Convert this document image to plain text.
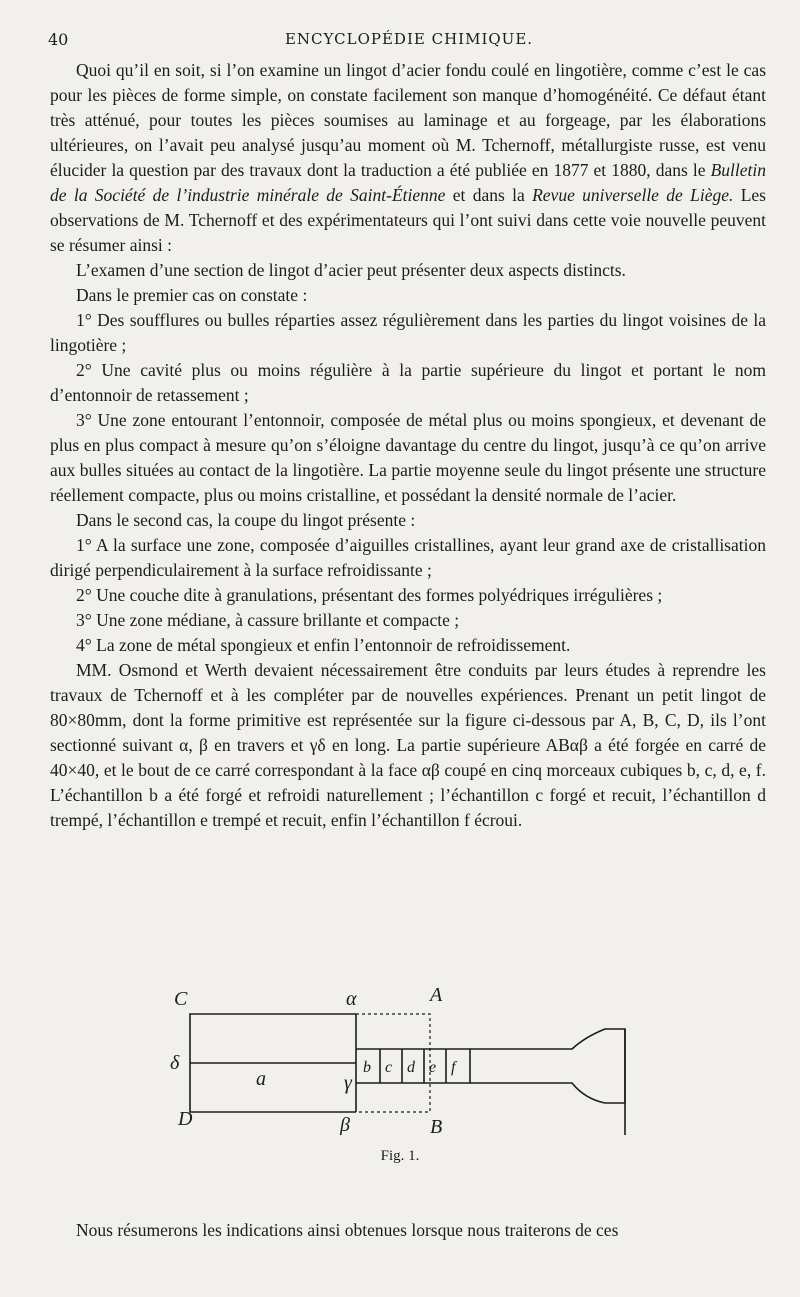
40	ENCYCLOPÉDIE CHIMIQUE.

Quoi qu’il en soit, si l’on examine un lingot d’acier fondu coulé en lingotière, comme c’est le cas pour les pièces de forme simple, on constate facilement son manque d’homogénéité. Ce défaut étant très atténué, pour toutes les pièces soumises au laminage et au forgeage, par les élaborations ultérieures, on l’avait peu analysé jusqu’au moment où M. Tchernoff, métallurgiste russe, est venu élucider la question par des travaux dont la traduction a été publiée en 1877 et 1880, dans le Bulletin de la Société de l’industrie minérale de Saint-Étienne et dans la Revue universelle de Liège. Les observations de M. Tchernoff et des expérimentateurs qui l’ont suivi dans cette voie nouvelle peuvent se résumer ainsi :

L’examen d’une section de lingot d’acier peut présenter deux aspects distincts.

Dans le premier cas on constate :

1° Des soufflures ou bulles réparties assez régulièrement dans les parties du lingot voisines de la lingotière ;

2° Une cavité plus ou moins régulière à la partie supérieure du lingot et portant le nom d’entonnoir de retassement ;

3° Une zone entourant l’entonnoir, composée de métal plus ou moins spongieux, et devenant de plus en plus compact à mesure qu’on s’éloigne davantage du centre du lingot, jusqu’à ce qu’on arrive aux bulles situées au contact de la lingotière. La partie moyenne seule du lingot présente une structure réellement compacte, plus ou moins cristalline, et possédant la densité normale de l’acier.

Dans le second cas, la coupe du lingot présente :

1° A la surface une zone, composée d’aiguilles cristallines, ayant leur grand axe de cristallisation dirigé perpendiculairement à la surface refroidissante ;

2° Une couche dite à granulations, présentant des formes polyédriques irrégulières ;

3° Une zone médiane, à cassure brillante et compacte ;

4° La zone de métal spongieux et enfin l’entonnoir de refroidissement.

MM. Osmond et Werth devaient nécessairement être conduits par leurs études à reprendre les travaux de Tchernoff et à les compléter par de nouvelles expériences. Prenant un petit lingot de 80×80mm, dont la forme primitive est représentée sur la figure ci-dessous par A, B, C, D, ils l’ont sectionné suivant α, β en travers et γδ en long. La partie supérieure ABαβ a été forgée en carré de 40×40, et le bout de ce carré correspondant à la face αβ coupé en cinq morceaux cubiques b, c, d, e, f. L’échantillon b a été forgé et refroidi naturellement ; l’échantillon c forgé et recuit, l’échantillon d trempé, l’échantillon e trempé et recuit, enfin l’échantillon f écroui.

C	α	A
δ
a	γ
b c d e f
D	β	B
Fig. 1.
Nous résumerons les indications ainsi obtenues lorsque nous traiterons de ces
